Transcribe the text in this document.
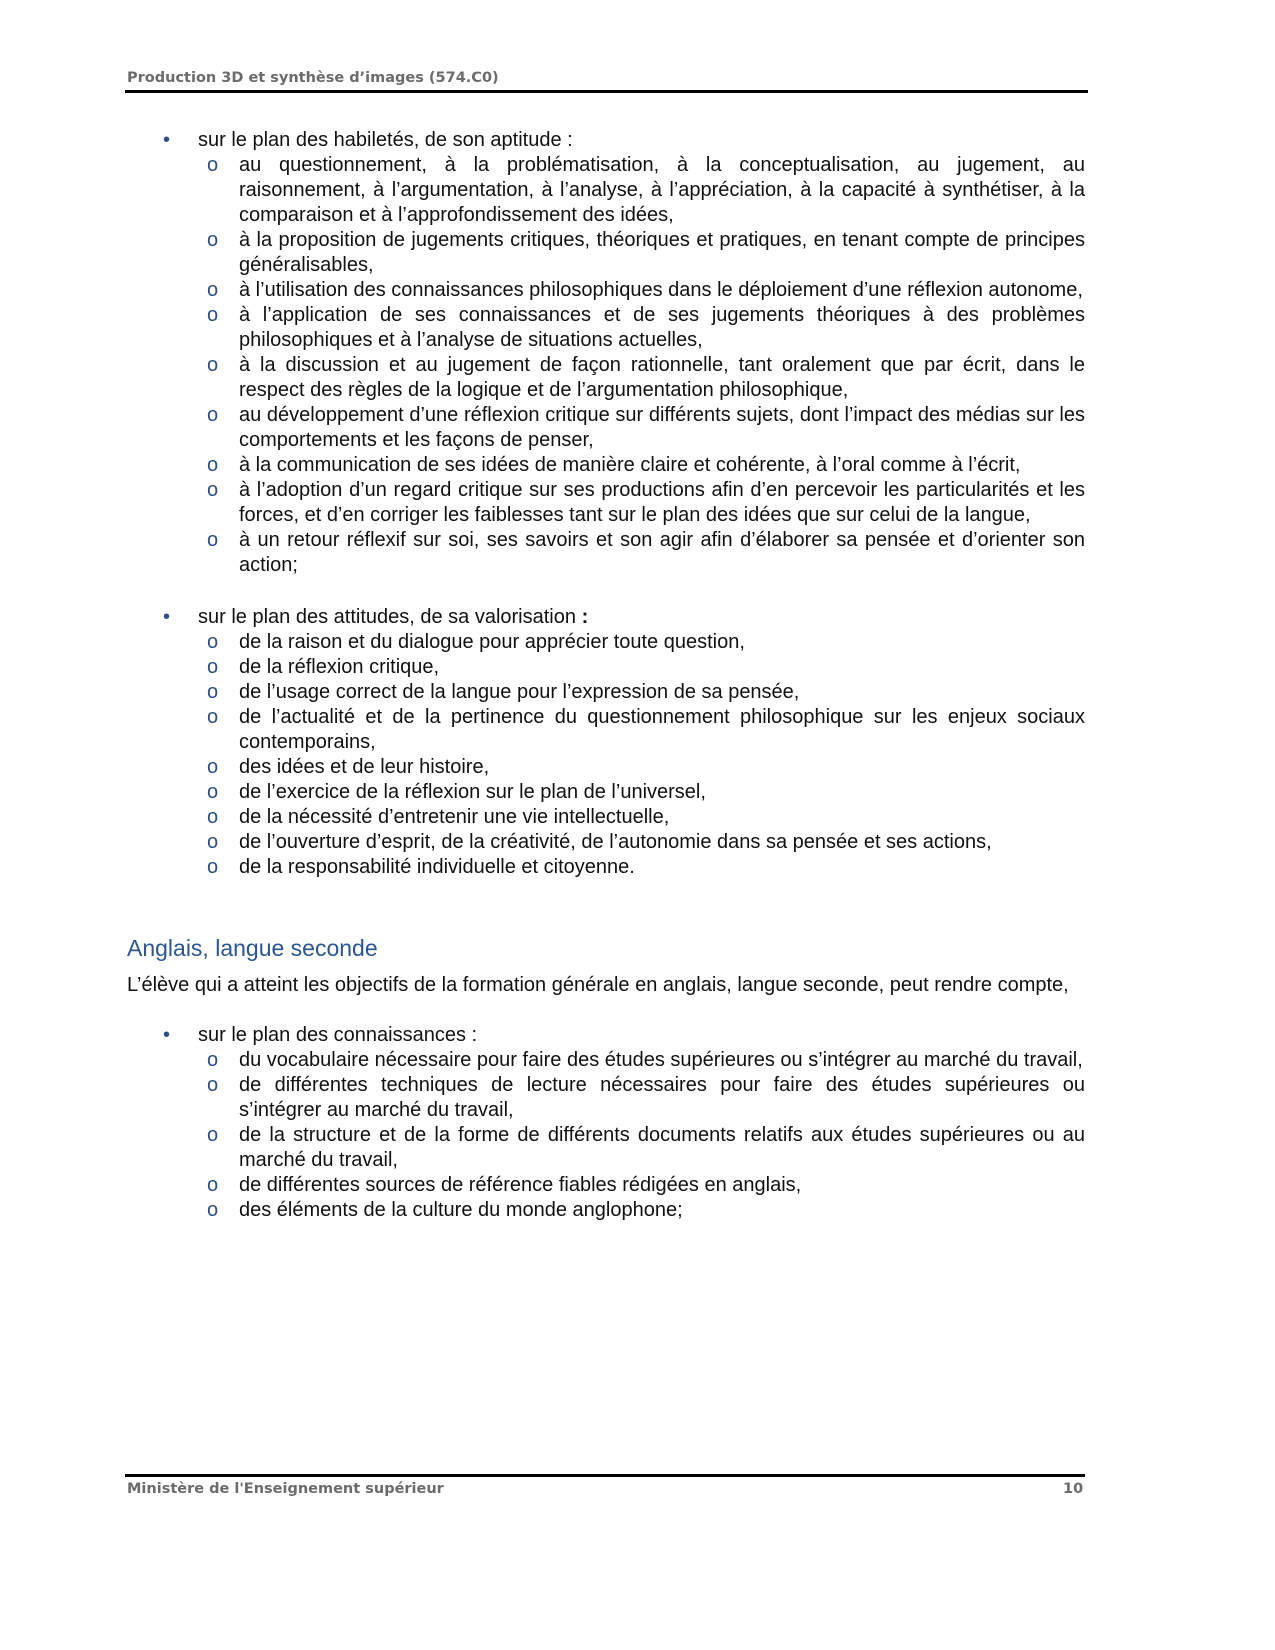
Production 3D et synthèse d’images (574.C0)
• sur le plan des habiletés, de son aptitude :
o au questionnement, à la problématisation, à la conceptualisation, au jugement, au raisonnement, à l’argumentation, à l’analyse, à l’appréciation, à la capacité à synthétiser, à la comparaison et à l’approfondissement des idées,
o à la proposition de jugements critiques, théoriques et pratiques, en tenant compte de principes généralisables,
o à l’utilisation des connaissances philosophiques dans le déploiement d’une réflexion autonome,
o à l’application de ses connaissances et de ses jugements théoriques à des problèmes philosophiques et à l’analyse de situations actuelles,
o à la discussion et au jugement de façon rationnelle, tant oralement que par écrit, dans le respect des règles de la logique et de l’argumentation philosophique,
o au développement d’une réflexion critique sur différents sujets, dont l’impact des médias sur les comportements et les façons de penser,
o à la communication de ses idées de manière claire et cohérente, à l’oral comme à l’écrit,
o à l’adoption d’un regard critique sur ses productions afin d’en percevoir les particularités et les forces, et d’en corriger les faiblesses tant sur le plan des idées que sur celui de la langue,
o à un retour réflexif sur soi, ses savoirs et son agir afin d’élaborer sa pensée et d’orienter son action;
• sur le plan des attitudes, de sa valorisation :
o de la raison et du dialogue pour apprécier toute question,
o de la réflexion critique,
o de l’usage correct de la langue pour l’expression de sa pensée,
o de l’actualité et de la pertinence du questionnement philosophique sur les enjeux sociaux contemporains,
o des idées et de leur histoire,
o de l’exercice de la réflexion sur le plan de l’universel,
o de la nécessité d’entretenir une vie intellectuelle,
o de l’ouverture d’esprit, de la créativité, de l’autonomie dans sa pensée et ses actions,
o de la responsabilité individuelle et citoyenne.
Anglais, langue seconde

L’élève qui a atteint les objectifs de la formation générale en anglais, langue seconde, peut rendre compte,

• sur le plan des connaissances :
o du vocabulaire nécessaire pour faire des études supérieures ou s’intégrer au marché du travail,
o de différentes techniques de lecture nécessaires pour faire des études supérieures ou s’intégrer au marché du travail,
o de la structure et de la forme de différents documents relatifs aux études supérieures ou au marché du travail,
o de différentes sources de référence fiables rédigées en anglais,
o des éléments de la culture du monde anglophone;
Ministère de l'Enseignement supérieur	10
